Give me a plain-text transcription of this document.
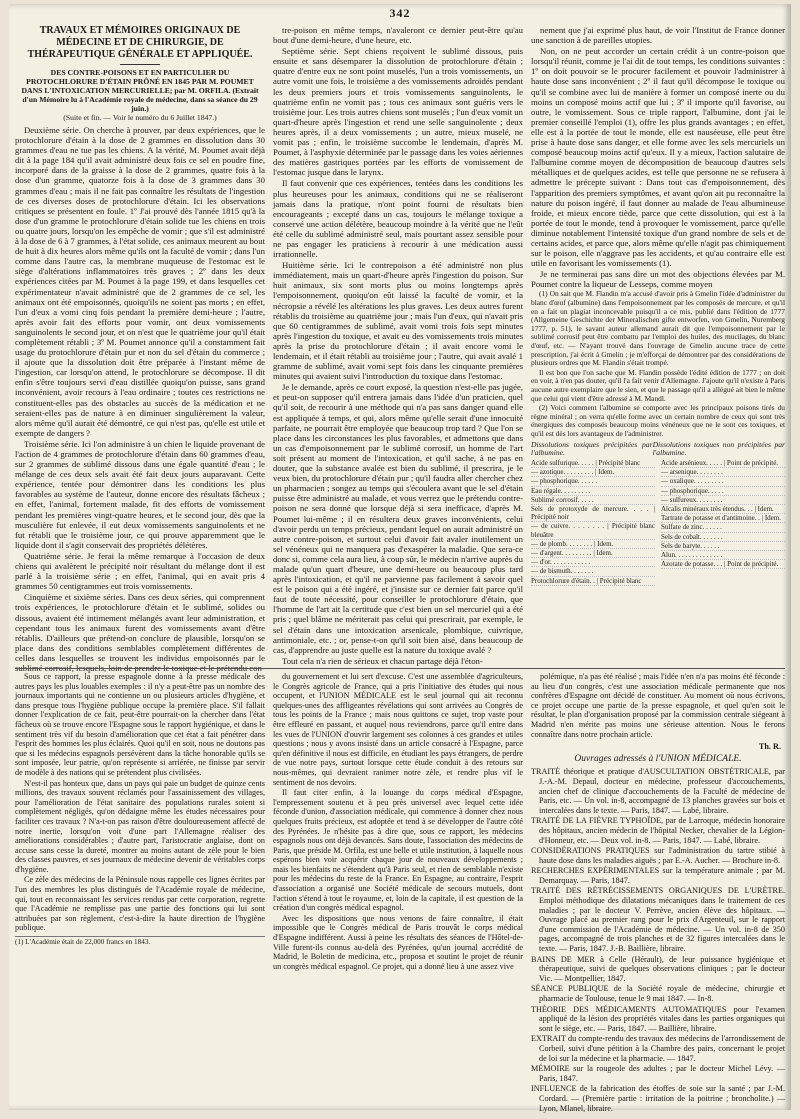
342
TRAVAUX ET MÉMOIRES ORIGINAUX DE MÉDECINE ET DE CHIRURGIE, DE THÉRAPEUTIQUE GÉNÉRALE ET APPLIQUÉE.
DES CONTRE-POISONS ET EN PARTICULIER DU PROTOCHLORURE D'ÉTAIN PRÔNÉ EN 1845 PAR M. POUMET DANS L'INTOXICATION MERCURIELLE; par M. ORFILA. (Extrait d'un Mémoire lu à l'Académie royale de médecine, dans sa séance du 29 juin.)
(Suite et fin. — Voir le numéro du 6 Juillet 1847.)

Deuxième série. On cherche à prouver, par deux expériences, que le protochlorure d'étain à la dose de 2 grammes en dissolution dans 30 grammes d'eau ne tue pas les chiens. A la vérité, M. Poumet avait déjà dit à la page 184 qu'il avait administré deux fois ce sel en poudre fine, incorporé dans de la graisse à la dose de 2 grammes, quatre fois à la dose d'un gramme, quatorze fois à la dose de 3 grammes dans 30 grammes d'eau ; mais il ne fait pas connaître les résultats de l'ingestion de ces diverses doses de protochlorure d'étain. Ici les observations critiques se présentent en foule. 1º J'ai prouvé dès l'année 1815 qu'à la dose d'un gramme le protochlorure d'étain solide tue les chiens en trois ou quatre jours, lorsqu'on les empêche de vomir ; que s'il est administré à la dose de 6 à 7 grammes, à l'état solide, ces animaux meurent au bout de huit à dix heures alors même qu'ils ont la faculté de vomir ; dans l'un comme dans l'autre cas, la membrane muqueuse de l'estomac est le siège d'altérations inflammatoires très graves ; 2º dans les deux expériences citées par M. Poumet à la page 199, et dans lesquelles cet expérimentateur n'avait administré que de 2 grammes de ce sel, les animaux ont été empoisonnés, quoiqu'ils ne soient pas morts ; en effet, l'un d'eux a vomi cinq fois pendant la première demi-heure ; l'autre, après avoir fait des efforts pour vomir, ont deux vomissements sanguinolents le second jour, et on n'est que le quatrième jour qu'il était complètement rétabli ; 3º M. Poumet annonce qu'il a constamment fait usage du protochlorure d'étain pur et non du sel d'étain du commerce ; il ajoute que la dissolution doit être préparée à l'instant même de l'ingestion, car lorsqu'on attend, le protochlorure se décompose. Il dit enfin s'être toujours servi d'eau distillée quoiqu'on puisse, sans grand inconvénient, avoir recours à l'eau ordinaire ; toutes ces restrictions ne constituent-elles pas des obstacles au succès de la médication et ne seraient-elles pas de nature à en diminuer singulièrement la valeur, alors même qu'il aurait été démontré, ce qui n'est pas, qu'elle est utile et exempte de dangers ?

Troisième série. Ici l'on administre à un chien le liquide provenant de l'action de 4 grammes de protochlorure d'étain dans 60 grammes d'eau, sur 2 grammes de sublimé dissous dans une égale quantité d'eau ; le mélange de ces deux sels avait été fait deux jours auparavant. Cette expérience, tentée pour démontrer dans les conditions les plus favorables au système de l'auteur, donne encore des résultats fâcheux ; en effet, l'animal, fortement malade, fit des efforts de vomissement pendant les premières vingt-quatre heures, et le second jour, dès que la musculière fut enlevée, il eut deux vomissements sanguinolents et ne fut rétabli que le troisième jour, ce qui prouve apparemment que le liquide dont il s'agit conservait des propriétés délétères.

Quatrième série. Je ferai la même remarque à l'occasion de deux chiens qui avalèrent le précipité noir résultant du mélange dont il est parlé à la troisième série ; en effet, l'animal, qui en avait pris 4 grammes 50 centigrammes eut trois vomissements.

Cinquième et sixième séries. Dans ces deux séries, qui comprennent trois expériences, le protochlorure d'étain et le sublimé, solides ou dissous, avaient été intimement mélangés avant leur administration, et cependant tous les animaux furent des vomissements avant d'être rétablis. D'ailleurs que prétend-on conclure de plausible, lorsqu'on se place dans des conditions semblables complètement différentes de celles dans lesquelles se trouvent les individus empoisonnés par le sublimé corrosif, lesquels, loin de prendre le toxique et le prétendu con-

tre-poison en même temps, n'avaleront ce dernier peut-être qu'au bout d'une demi-heure, d'une heure, etc.

Septième série. Sept chiens reçoivent le sublimé dissous, puis ensuite et sans désemparer la dissolution de protochlorure d'étain ; quatre d'entre eux ne sont point muselés, l'un a trois vomissements, un autre vomit une fois, le troisième a des vomissements adroidés pendant les deux premiers jours et trois vomissements sanguinolents, le quatrième enfin ne vomit pas ; tous ces animaux sont guéris vers le troisième jour. Les trois autres chiens sont muselés ; l'un d'eux vomit un quart-d'heure après l'ingestion et rend une selle sanguinolente ; deux heures après, il a deux vomissements ; un autre, mieux muselé, ne vomit pas ; enfin, le troisième succombe le lendemain, d'après M. Poumet, à l'asphyxie déterminée par le passage dans les voies aériennes des matières gastriques portées par les efforts de vomissement de l'estomac jusque dans le larynx.

Il faut convenir que ces expériences, tentées dans les conditions les plus heureuses pour les animaux, conditions qui ne se réaliseront jamais dans la pratique, n'ont point fourni de résultats bien encourageants ; excepté dans un cas, toujours le mélange toxique a conservé une action délétère, beaucoup moindre à la vérité que ne l'eût été celle du sublimé administré seul, mais pourtant assez sensible pour ne pas engager les praticiens à recourir à une médication aussi irrationnelle.

Huitième série. Ici le contrepoison a été administré non plus immédiatement, mais un quart-d'heure après l'ingestion du poison. Sur huit animaux, six sont morts plus ou moins longtemps après l'empoisonnement, quoiqu'on eût laissé la faculté de vomir, et la nécropsie a révélé les altérations les plus graves. Les deux autres furent rétablis du troisième au quatrième jour ; mais l'un d'eux, qui n'avait pris que 60 centigrammes de sublimé, avait vomi trois fois sept minutes après l'ingestion du toxique, et avait eu des vomissements trois minutes après la prise du protochlorure d'étain ; il avait encore vomi le lendemain, et il était rétabli au troisième jour ; l'autre, qui avait avalé 1 gramme de sublimé, avait vomi sept fois dans les cinquante premières minutes qui avaient suivi l'introduction du toxique dans l'estomac.

Je le demande, après ce court exposé, la question n'est-elle pas jugée, et peut-on supposer qu'il entrera jamais dans l'idée d'un praticien, quel qu'il soit, de recourir à une méthode qui n'a pas sans danger quand elle est appliquée à temps, et qui, alors même qu'elle serait d'une innocuité parfaite, ne pourrait être employée que beaucoup trop tard ? Que l'on se place dans les circonstances les plus favorables, et admettons que dans un cas d'empoisonnement par le sublimé corrosif, un homme de l'art soit présent au moment de l'intoxication, et qu'il sache, à ne pas en douter, que la substance avalée est bien du sublimé, il prescrira, je le veux bien, du protochlorure d'étain pur ; qu'il faudra aller chercher chez un pharmacien ; songez au temps qui s'écoulera avant que le sel d'étain puisse être administré au malade, et vous verrez que le prétendu contre-poison ne sera donné que lorsque déjà si sera inefficace, d'après M. Poumet lui-même ; il en résultera deux graves inconvénients, celui d'avoir perdu un temps précieux, pendant lequel on aurait administré un autre contre-poison, et surtout celui d'avoir fait avaler inutilement un sel vénéneux qui ne manquera pas d'exaspérer la maladie. Que sera-ce donc si, comme cela aura lieu, à coup sûr, le médecin n'arrive auprès du malade qu'un quart d'heure, une demi-heure ou beaucoup plus tard après l'intoxication, et qu'il ne parvienne pas facilement à savoir quel est le poison qui a été ingéré, et j'insiste sur ce dernier fait parce qu'il faut de toute nécessité, pour conseiller le protochlorure d'étain, que l'homme de l'art ait la certitude que c'est bien un sel mercuriel qui a été pris ; quel blâme ne mériterait pas celui qui prescrirait, par exemple, le sel d'étain dans une intoxication arsenicale, plombique, cuivrique, antimoniale, etc. ; or, pense-t-on qu'il soit bien aisé, dans beaucoup de cas, d'apprendre au juste quelle est la nature du toxique avalé ?

Tout cela n'a rien de sérieux et chacun partage déjà l'éton-

nement que j'ai exprimé plus haut, de voir l'Institut de France donner une sanction à de pareilles utopies.

Non, on ne peut accorder un certain crédit à un contre-poison que lorsqu'il réunit, comme je l'ai dit de tout temps, les conditions suivantes : 1º on doit pouvoir se le procurer facilement et pouvoir l'administrer à haute dose sans inconvénient ; 2º il faut qu'il décompose le toxique ou qu'il se combine avec lui de manière à former un composé inerte ou du moins un composé moins actif que lui ; 3º il importe qu'il favorise, ou outre, le vomissement. Sous ce triple rapport, l'albumine, dont j'ai le premier conseillé l'emploi (1), offre les plus grands avantages ; en effet, elle est à la portée de tout le monde, elle est nauséeuse, elle peut être prise à haute dose sans danger, et elle forme avec les sels mercuriels un composé beaucoup moins actif qu'eux. Il y a mieux, l'action salutaire de l'albumine comme moyen de décomposition de beaucoup d'autres sels métalliques et de quelques acides, est telle que personne ne se refusera à admettre le précepte suivant : Dans tout cas d'empoisonnement, dès l'apparition des premiers symptômes, et avant qu'on ait pu reconnaître la nature du poison ingéré, il faut donner au malade de l'eau albumineuse froide, et mieux encore tiède, parce que cette dissolution, qui est à la portée de tout le monde, tend à provoquer le vomissement, parce qu'elle diminue notablement l'intensité toxique d'un grand nombre de sels et de certains acides, et parce que, alors même qu'elle n'agit pas chimiquement sur le poison, elle n'aggrave pas les accidents, et qu'au contraire elle est utile en favorisant les vomissements (1).

Je ne terminerai pas sans dire un mot des objections élevées par M. Poumet contre la liqueur de Lesseps, comme moyen

(1) On sait que M. Flandin m'a accusé d'avoir pris à Gmelin l'idée d'administrer du blanc d'œuf (albumine) dans l'empoisonnement par les composés de mercure, et qu'il en a fait un plagiat inconcevable puisqu'il a ce mis, publié dans l'édition de 1777 (Allgemeine Geschichte der Mineralischen gifte entworfen, von Gmelin, Nuremberg 1777, p. 51), le savant auteur allemand aurait dit que l'empoisonnement par le sublimé corrosif peut être combattu par l'emploi des huiles, des mucilages, du blanc d'œuf, etc. — N'ayant trouvé dans l'ouvrage de Gmelin aucune trace de cette prescription, j'ai écrit à Gmelin ; je m'efforçai de démontrer par des considérations de plusieurs ordres que M. Flandin s'était trompé.

Il est bon que l'on sache que M. Flandin possède l'édité édition de 1777 ; on doit en voir, à n'en pas douter, qu'il l'a fait venir d'Allemagne. J'ajoute qu'il n'existe à Paris aucune autre exemplaire que le sien, et que le passage qu'il a allégué ait bien le même que celui qui vient d'être adressé à M. Mandl.

(2) Voici comment l'albumine se comporte avec les principaux poisons tirés du règne minéral ; on verra qu'elle forme avec un certain nombre de ceux qui sont très énergiques des composés beaucoup moins vénéneux que ne le sont ces toxiques, et qu'il est dès lors avantageux de l'administrer.

Dissolutions toxiques précipitées par l'albumine.
Dissolutions toxiques non précipitées par l'albumine.
Acide sulfurique. . . . . | Précipité blanc
— azotique. . . . . . . . . | Idem.
— phosphorique. . . . . .
Eau régale. . . . . . . . .
Sublimé corrosif. . . . .
Sels de protoxyde de mercure. . . . | Précipité noir
— de cuivre. . . . . . . . | Précipité blanc bleuâtre
— de plomb. . . . . . . . | Idem.
— d'argent. . . . . . . . . | Idem.
— d'or. . . . . . . . . . . .
— de bismuth. . . . . . .
Protochlorure d'étain. . | Précipité blanc
Acide arsénieux. . . . . | Point de précipité.
— arsenique. . . . . . . .
— oxalique. . . . . . . . .
— phosphorique. . . . .
— sulfureux. . . . . . . .
Alcalis minéraux très étendus. . . | Idem.
Tartrate de potasse et d'antimoine. . | Idem.
Sulfate de zinc. . . . . .
Sels de cobalt. . . . . . .
Sels de baryte. . . . . .
Alun. . . . . . . . . . . . . .
Azotate de potasse. . . | Point de précipité.

Sous ce rapport, la presse espagnole donne à la presse médicale des autres pays les plus louables exemples : il n'y a peut-être pas un nombre des journaux importants qui ne contienne un ou plusieurs articles d'hygiène, et dans presque tous l'hygiène publique occupe la première place. S'il fallait donner l'explication de ce fait, peut-être pourrait-on la chercher dans l'état fâcheux où se trouve encore l'Espagne sous le rapport hygiénique, et dans le sentiment très vif du besoin d'amélioration que cet état a fait pénétrer dans l'esprit des hommes les plus éclairés. Quoi qu'il en soit, nous ne doutons pas que si les médecins espagnols persévèrent dans la tâche honorable qu'ils se sont imposée, leur patrie, qu'on représente si arriérée, ne finisse par servir de modèle à des nations qui se prétendent plus civilisées.

N'est-il pas honteux que, dans un pays qui paie un budget de quinze cents millions, des travaux souvent réclamés pour l'assainissement des villages, pour l'amélioration de l'état sanitaire des populations rurales soient si complètement négligés, qu'on dédaigne même les études nécessaires pour faciliter ces travaux ? N'a-t-on pas raison d'être douloureusement affecté de notre inertie, lorsqu'on voit d'une part l'Allemagne réaliser des améliorations considérables ; d'autre part, l'aristocratie anglaise, dont on accuse sans cesse la dureté, montrer au moins autant de zèle pour le bien des classes pauvres, et ses journaux de médecine devenir de véritables corps d'hygiène.

Ce zèle des médecins de la Péninsule nous rappelle ces lignes écrites par l'un des membres les plus distingués de l'Académie royale de médecine, qui, tout en reconnaissant les services rendus par cette corporation, regrette que l'Académie ne remplisse pas une partie des fonctions qui lui sont attribuées par son règlement, c'est-à-dire la haute direction de l'hygiène publique.

(1) L'Académie était de 22,000 francs en 1843.

du gouvernement et lui sert d'excuse. C'est une assemblée d'agriculteurs, le Congrès agricole de France, qui a pris l'initiative des études qui nous occupent, et l'UNION MÉDICALE est le seul journal qui ait reconnu quelques-unes des affligeantes révélations qui sont arrivées au Congrès de tous les points de la France ; mais nous quittons ce sujet, trop vaste pour être effleuré en passant, et auquel nous reviendrons, parce qu'il entre dans les vues de l'UNION d'ouvrir largement ses colonnes à ces grandes et utiles questions ; nous y avons insisté dans un article consacré à l'Espagne, parce qu'en définitive il nous est difficile, en étudiant les pays étrangers, de perdre de vue notre pays, surtout lorsque cette étude conduit à des retours sur nous-mêmes, qui devraient ranimer notre zèle, et rendre plus vif le sentiment de nos devoirs.

Il faut citer enfin, à la louange du corps médical d'Espagne, l'empressement soutenu et à peu près universel avec lequel cette idée féconde d'union, d'association médicale, qui commence à donner chez nous quelques fruits précieux, est adoptée et tend à se développer de l'autre côté des Pyrénées. Je n'hésite pas à dire que, sous ce rapport, les médecins espagnols nous ont déjà devancés. Sans doute, l'association des médecins de Paris, que préside M. Orfila, est une belle et utile institution, à laquelle nous espérons bien voir acquérir chaque jour de nouveaux développements ; mais les bienfaits ne s'étendent qu'à Paris seul, et rien de semblable n'existe pour les médecins du reste de la France. En Espagne, au contraire, l'esprit d'association a organisé une Société médicale de secours mutuels, dont l'action s'étend à tout le royaume, et, loin de la capitale, il est question de la création d'un congrès médical espagnol.

Avec les dispositions que nous venons de faire connaître, il était impossible que le Congrès médical de Paris trouvât le corps médical d'Espagne indifférent. Aussi à peine les résultats des séances de l'Hôtel-de-Ville furent-ils connus au-delà des Pyrénées, qu'un journal accrédité de Madrid, le Boletin de medicina, etc., proposa et soutint le projet de réunir un congrès médical espagnol. Ce projet, qui a donné lieu à une assez vive

polémique, n'a pas été réalisé ; mais l'idée n'en n'a pas moins été féconde : au lieu d'un congrès, c'est une association médicale permanente que nos confrères d'Espagne ont décidé de constituer. Au moment où nous écrivons, ce projet occupe une partie de la presse espagnole, et quel qu'en soit le résultat, le plan d'organisation proposé par la commission centrale siégeant à Madrid n'en mérite pas moins une sérieuse attention. Nous le ferons connaître dans notre prochain article.

Th. R.
Ouvrages adressés à l'UNION MÉDICALE.

TRAITÉ théorique et pratique d'AUSCULTATION OBSTÉTRICALE, par J.-A.-M. Depaul, docteur en médecine, professeur d'accouchements, ancien chef de clinique d'accouchements de la Faculté de médecine de Paris, etc. — Un vol. in-8, accompagné de 13 planches gravées sur bois et intercalées dans le texte. — Paris, 1847. — Labé, libraire.

TRAITÉ DE LA FIÈVRE TYPHOÏDE, par de Larroque, médecin honoraire des hôpitaux, ancien médecin de l'hôpital Necker, chevalier de la Légion-d'Honneur, etc. — Deux vol. in-8. — Paris, 1847. — Labé, libraire.

CONSIDÉRATIONS PRATIQUES sur l'administration du tartre stibié à haute dose dans les maladies aiguës ; par E.-A. Aucher. — Brochure in-8.

RECHERCHES EXPÉRIMENTALES sur la température animale ; par M. Demarquay. — Paris, 1847.

TRAITÉ DES RÉTRÉCISSEMENTS ORGANIQUES DE L'URÈTRE. Emploi méthodique des dilatations mécaniques dans le traitement de ces maladies ; par le docteur V. Perrève, ancien élève des hôpitaux. — Ouvrage placé au premier rang pour le prix d'Argenteuil, sur le rapport d'une commission de l'Académie de médecine. — Un vol. in-8 de 350 pages, accompagné de trois planches et de 32 figures intercalées dans le texte. — Paris, 1847. J.-B. Baillière, libraire.

BAINS DE MER à Celle (Hérault), de leur puissance hygiénique et thérapeutique, suivi de quelques observations cliniques ; par le docteur Vic. — Montpellier, 1847.

SÉANCE PUBLIQUE de la Société royale de médecine, chirurgie et pharmacie de Toulouse, tenue le 9 mai 1847. — In-8.

THÈORIE DES MÉDICAMENTS AUTOMATIQUES pour l'examen appliqué de la lésion des propriétés vitales dans les parties organiques qui sont le siège, etc. — Paris, 1847. — Baillière, libraire.

EXTRAIT du compte-rendu des travaux des médecins de l'arrondissement de Corbeil, suivi d'une pétition à la Chambre des pairs, concernant le projet de loi sur la médecine et la pharmacie. — 1847.

MÉMOIRE sur la rougeole des adultes ; par le docteur Michel Lévy. — Paris, 1847.

INFLUENCE de la fabrication des étoffes de soie sur la santé ; par J.-M. Cordard. — (Première partie : irritation de la poitrine ; broncholite.) — Lyon, Mlanel, libraire.
